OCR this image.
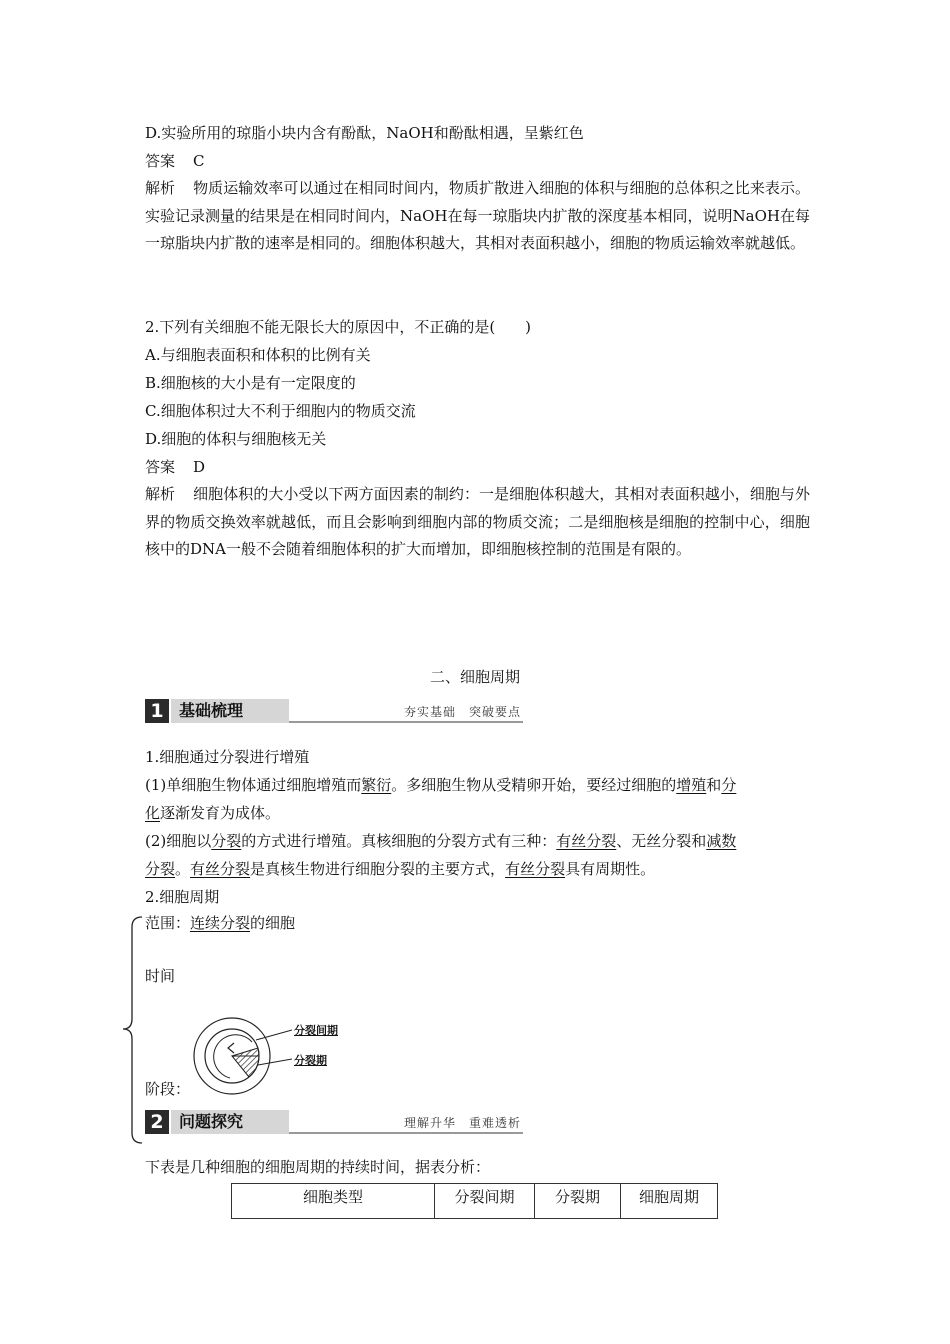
D.实验所用的琼脂小块内含有酚酞，NaOH和酚酞相遇，呈紫红色
答案 C
解析 物质运输效率可以通过在相同时间内，物质扩散进入细胞的体积与细胞的总体积之比来表示。实验记录测量的结果是在相同时间内，NaOH在每一琼脂块内扩散的深度基本相同，说明NaOH在每一琼脂块内扩散的速率是相同的。细胞体积越大，其相对表面积越小，细胞的物质运输效率就越低。
2.下列有关细胞不能无限长大的原因中，不正确的是(　　)
A.与细胞表面积和体积的比例有关
B.细胞核的大小是有一定限度的
C.细胞体积过大不利于细胞内的物质交流
D.细胞的体积与细胞核无关
答案 D
解析 细胞体积的大小受以下两方面因素的制约：一是细胞体积越大，其相对表面积越小，细胞与外界的物质交换效率就越低，而且会影响到细胞内部的物质交流；二是细胞核是细胞的控制中心，细胞核中的DNA一般不会随着细胞体积的扩大而增加，即细胞核控制的范围是有限的。
二、细胞周期
1 基础梳理	夯实基础　突破要点
1.细胞通过分裂进行增殖
(1)单细胞生物体通过细胞增殖而繁衍。多细胞生物从受精卵开始，要经过细胞的增殖和分
化逐渐发育为成体。
(2)细胞以分裂的方式进行增殖。真核细胞的分裂方式有三种：有丝分裂、无丝分裂和减数
分裂。有丝分裂是真核生物进行细胞分裂的主要方式，有丝分裂具有周期性。
2.细胞周期
范围：连续分裂的细胞
时间
分裂间期
分裂期
阶段：
2 问题探究	理解升华　重难透析
下表是几种细胞的细胞周期的持续时间，据表分析：
细胞类型	分裂间期	分裂期	细胞周期
